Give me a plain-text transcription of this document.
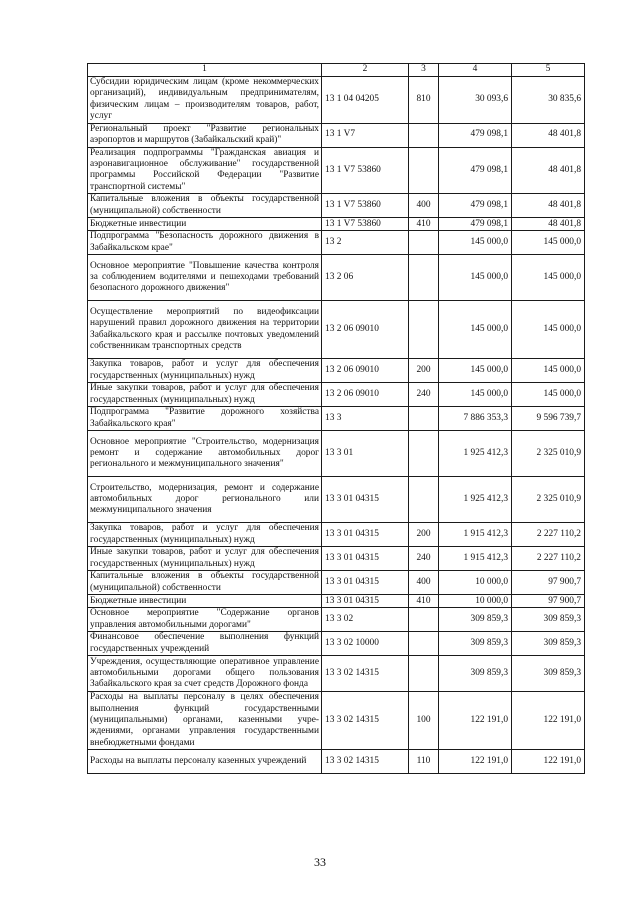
1	2	3	4	5
Субсидии юридическим лицам (кроме некоммерческих организаций), индивидуальным предпринимателям, физическим лицам – производителям товаров, работ, услуг	13 1 04 04205	810	30 093,6	30 835,6
Региональный проект "Развитие региональных аэропортов и маршрутов (Забайкальский край)"	13 1 V7		479 098,1	48 401,8
Реализация подпрограммы "Гражданская авиация и аэронавигационное обслуживание" государственной программы Российской Федерации "Развитие транспортной системы"	13 1 V7 53860		479 098,1	48 401,8
Капитальные вложения в объекты государственной (муниципальной) собственности	13 1 V7 53860	400	479 098,1	48 401,8
Бюджетные инвестиции	13 1 V7 53860	410	479 098,1	48 401,8
Подпрограмма "Безопасность дорожного движения в Забайкальском крае"	13 2		145 000,0	145 000,0
Основное мероприятие "Повышение качества контроля за соблюдением водителями и пешеходами требований безопасного дорожного движения"	13 2 06		145 000,0	145 000,0
Осуществление мероприятий по видеофиксации нарушений правил дорожного движения на территории Забайкальского края и рассылке почтовых уведомлений собственникам транспортных средств	13 2 06 09010		145 000,0	145 000,0
Закупка товаров, работ и услуг для обеспечения государственных (муниципальных) нужд	13 2 06 09010	200	145 000,0	145 000,0
Иные закупки товаров, работ и услуг для обеспечения государственных (муниципальных) нужд	13 2 06 09010	240	145 000,0	145 000,0
Подпрограмма "Развитие дорожного хозяйства Забайкальского края"	13 3		7 886 353,3	9 596 739,7
Основное мероприятие "Строительство, модернизация ремонт и содержание автомобильных дорог регионального и межмуниципального значения"	13 3 01		1 925 412,3	2 325 010,9
Строительство, модернизация, ремонт и содержание автомобильных дорог регионального или межмуниципального значения	13 3 01 04315		1 925 412,3	2 325 010,9
Закупка товаров, работ и услуг для обеспечения государственных (муниципальных) нужд	13 3 01 04315	200	1 915 412,3	2 227 110,2
Иные закупки товаров, работ и услуг для обеспечения государственных (муниципальных) нужд	13 3 01 04315	240	1 915 412,3	2 227 110,2
Капитальные вложения в объекты государственной (муниципальной) собственности	13 3 01 04315	400	10 000,0	97 900,7
Бюджетные инвестиции	13 3 01 04315	410	10 000,0	97 900,7
Основное мероприятие "Содержание органов управления автомобильными дорогами"	13 3 02		309 859,3	309 859,3
Финансовое обеспечение выполнения функций государственных учреждений	13 3 02 10000		309 859,3	309 859,3
Учреждения, осуществляющие оперативное управление автомобильными дорогами общего пользования Забайкальского края за счет средств Дорожного фонда	13 3 02 14315		309 859,3	309 859,3
Расходы на выплаты персоналу в целях обеспечения выполнения функций государственными (муниципальными) органами, казенными учреждениями, органами управления государственными внебюджетными фондами	13 3 02 14315	100	122 191,0	122 191,0
Расходы на выплаты персоналу казенных учреждений	13 3 02 14315	110	122 191,0	122 191,0
33
